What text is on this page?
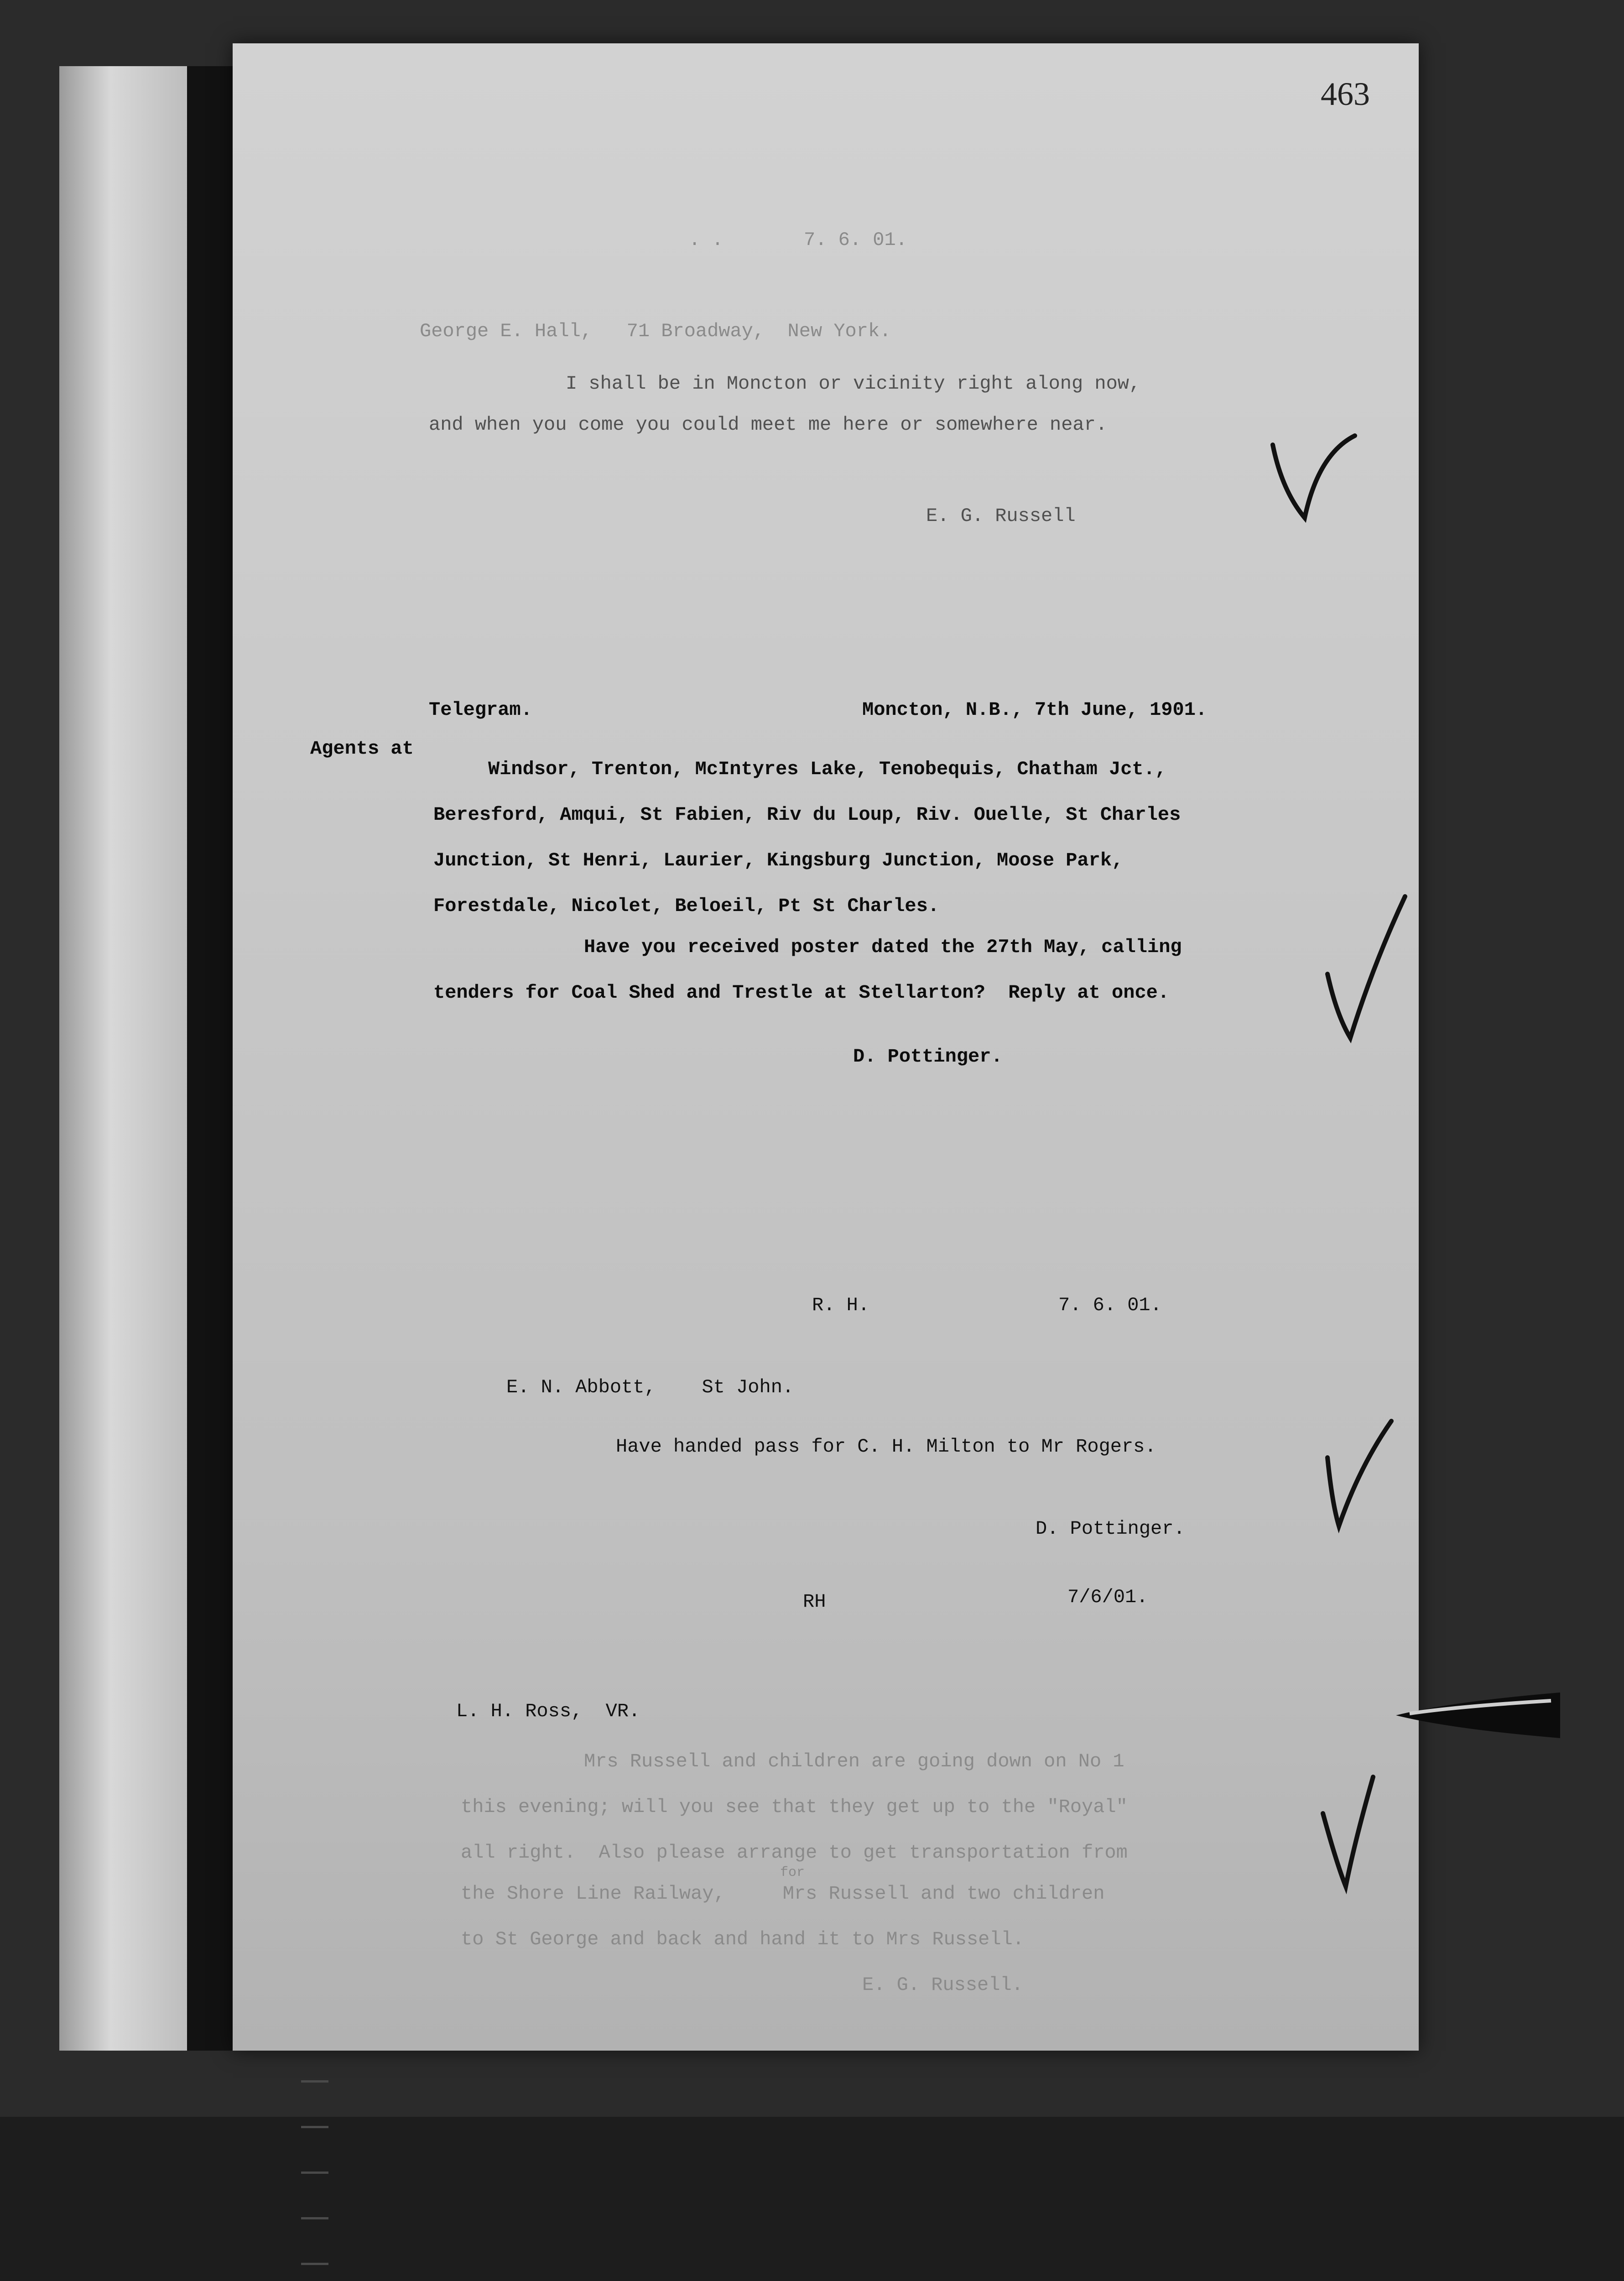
463
. .       7. 6. 01.
George E. Hall,   71 Broadway,  New York.
I shall be in Moncton or vicinity right along now,
and when you come you could meet me here or somewhere near.
E. G. Russell
Telegram.	Moncton, N.B., 7th June, 1901.
Agents at
Windsor, Trenton, McIntyres Lake, Tenobequis, Chatham Jct.,
Beresford, Amqui, St Fabien, Riv du Loup, Riv. Ouelle, St Charles
Junction, St Henri, Laurier, Kingsburg Junction, Moose Park,
Forestdale, Nicolet, Beloeil, Pt St Charles.
Have you received poster dated the 27th May, calling
tenders for Coal Shed and Trestle at Stellarton?  Reply at once.
D. Pottinger.
R. H.	7. 6. 01.
E. N. Abbott,    St John.
Have handed pass for C. H. Milton to Mr Rogers.
D. Pottinger.
RH	7/6/01.
L. H. Ross,  VR.
Mrs Russell and children are going down on No 1
this evening; will you see that they get up to the "Royal"
all right.  Also please arrange to get transportation from
for
the Shore Line Railway,     Mrs Russell and two children
to St George and back and hand it to Mrs Russell.
E. G. Russell.
